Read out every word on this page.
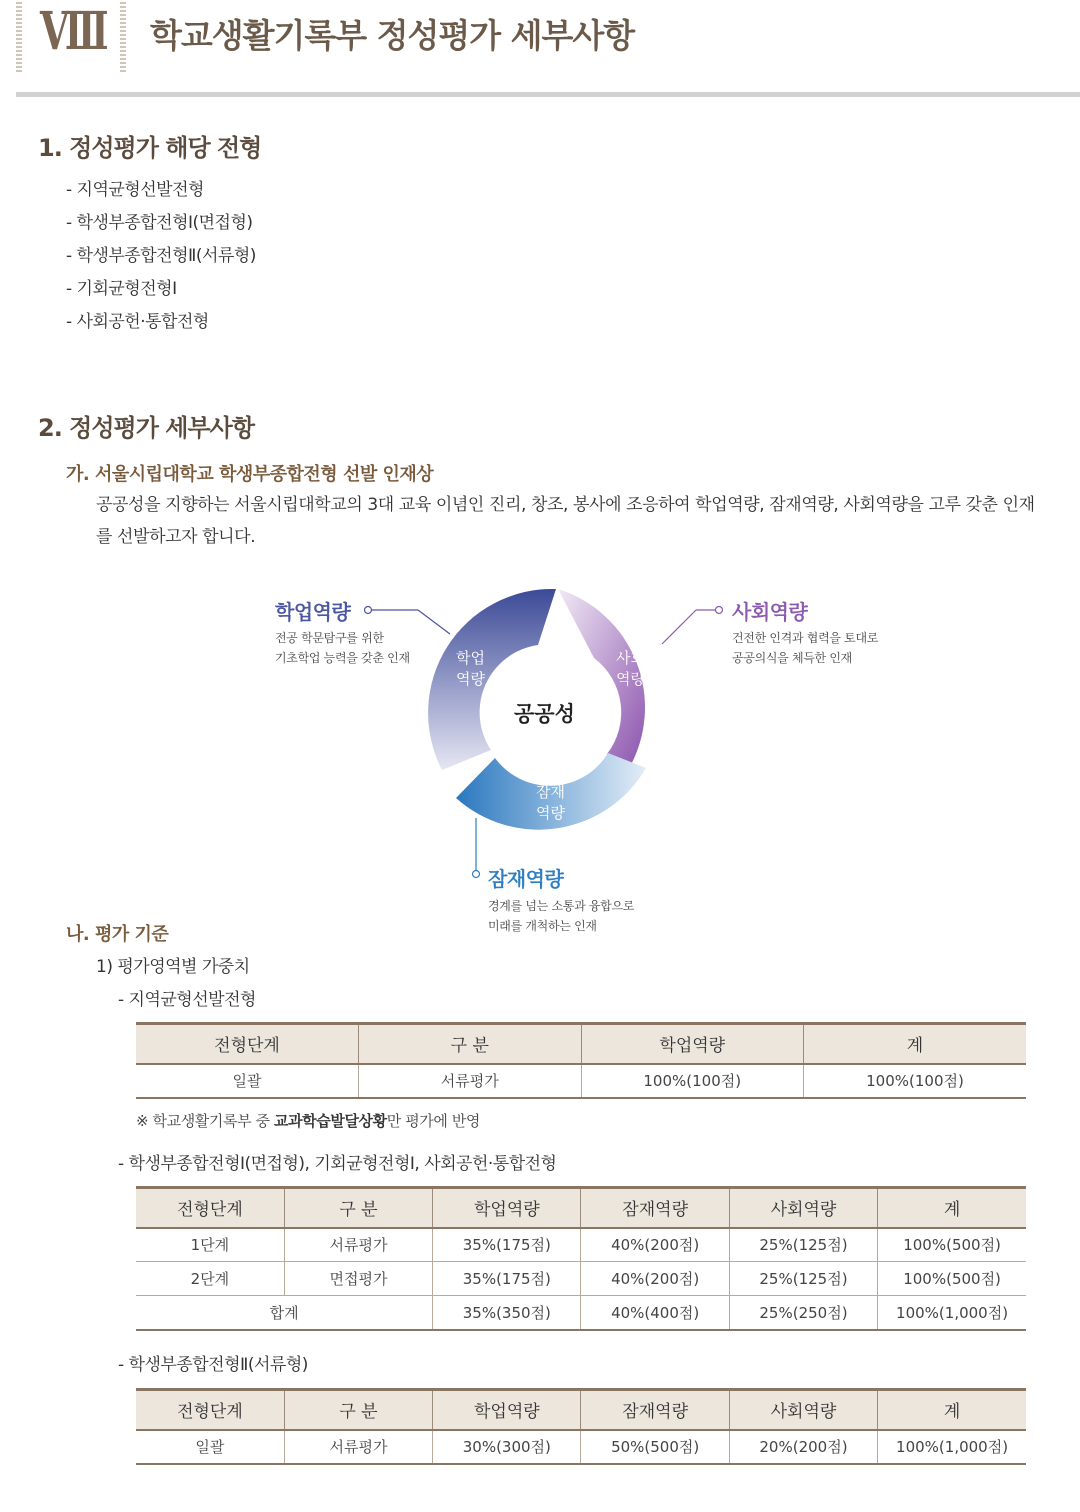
VIII 학교생활기록부 정성평가 세부사항
1. 정성평가 해당 전형
- 지역균형선발전형
- 학생부종합전형Ⅰ(면접형)
- 학생부종합전형Ⅱ(서류형)
- 기회균형전형Ⅰ
- 사회공헌·통합전형
2. 정성평가 세부사항
가. 서울시립대학교 학생부종합전형 선발 인재상
공공성을 지향하는 서울시립대학교의 3대 교육 이념인 진리, 창조, 봉사에 조응하여 학업역량, 잠재역량, 사회역량을 고루 갖춘 인재를 선발하고자 합니다.
공공성
학업
역량
사회
역량
잠재
역량
학업역량
전공 학문탐구를 위한
기초학업 능력을 갖춘 인재
사회역량
건전한 인격과 협력을 토대로
공공의식을 체득한 인재
잠재역량
경계를 넘는 소통과 융합으로
미래를 개척하는 인재
나. 평가 기준
1) 평가영역별 가중치
- 지역균형선발전형
전형단계	구 분	학업역량	계
일괄	서류평가	100%(100점)	100%(100점)
※ 학교생활기록부 중 교과학습발달상황만 평가에 반영
- 학생부종합전형Ⅰ(면접형), 기회균형전형Ⅰ, 사회공헌·통합전형
전형단계	구 분	학업역량	잠재역량	사회역량	계
1단계	서류평가	35%(175점)	40%(200점)	25%(125점)	100%(500점)
2단계	면접평가	35%(175점)	40%(200점)	25%(125점)	100%(500점)
합계		35%(350점)	40%(400점)	25%(250점)	100%(1,000점)
- 학생부종합전형Ⅱ(서류형)
전형단계	구 분	학업역량	잠재역량	사회역량	계
일괄	서류평가	30%(300점)	50%(500점)	20%(200점)	100%(1,000점)
